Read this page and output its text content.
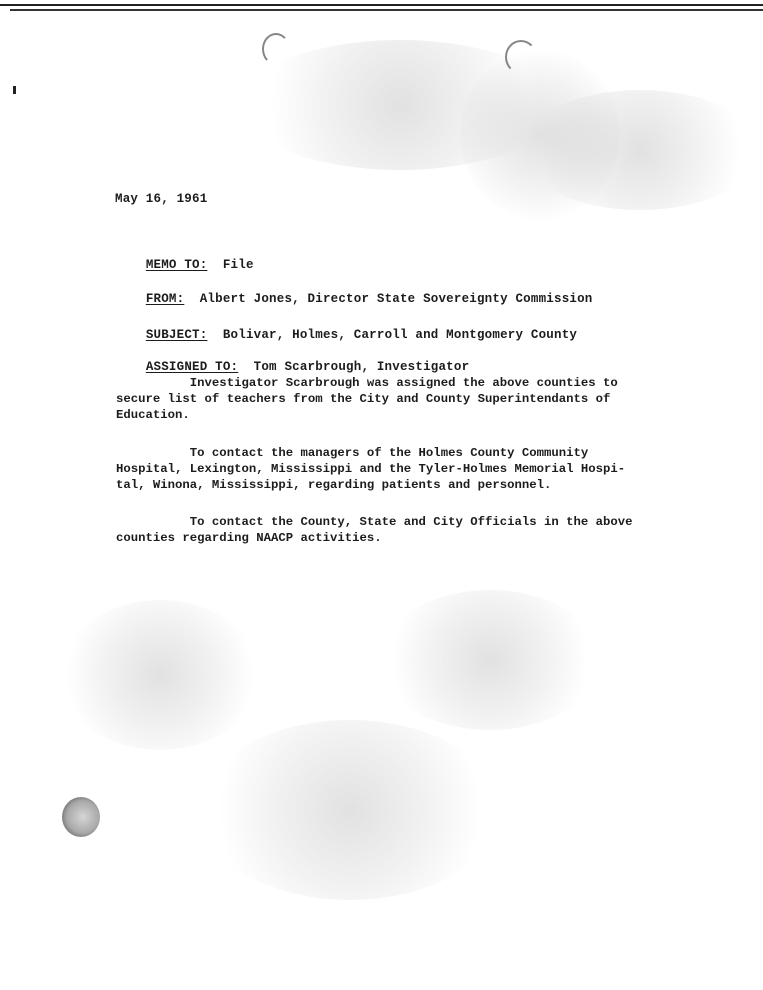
May 16, 1961

MEMO TO: File

FROM: Albert Jones, Director State Sovereignty Commission

SUBJECT: Bolivar, Holmes, Carroll and Montgomery County

ASSIGNED TO: Tom Scarbrough, Investigator

Investigator Scarbrough was assigned the above counties to
secure list of teachers from the City and County Superintendants of
Education.
To contact the managers of the Holmes County Community
Hospital, Lexington, Mississippi and the Tyler-Holmes Memorial Hospi-
tal, Winona, Mississippi, regarding patients and personnel.
To contact the County, State and City Officials in the above
counties regarding NAACP activities.
